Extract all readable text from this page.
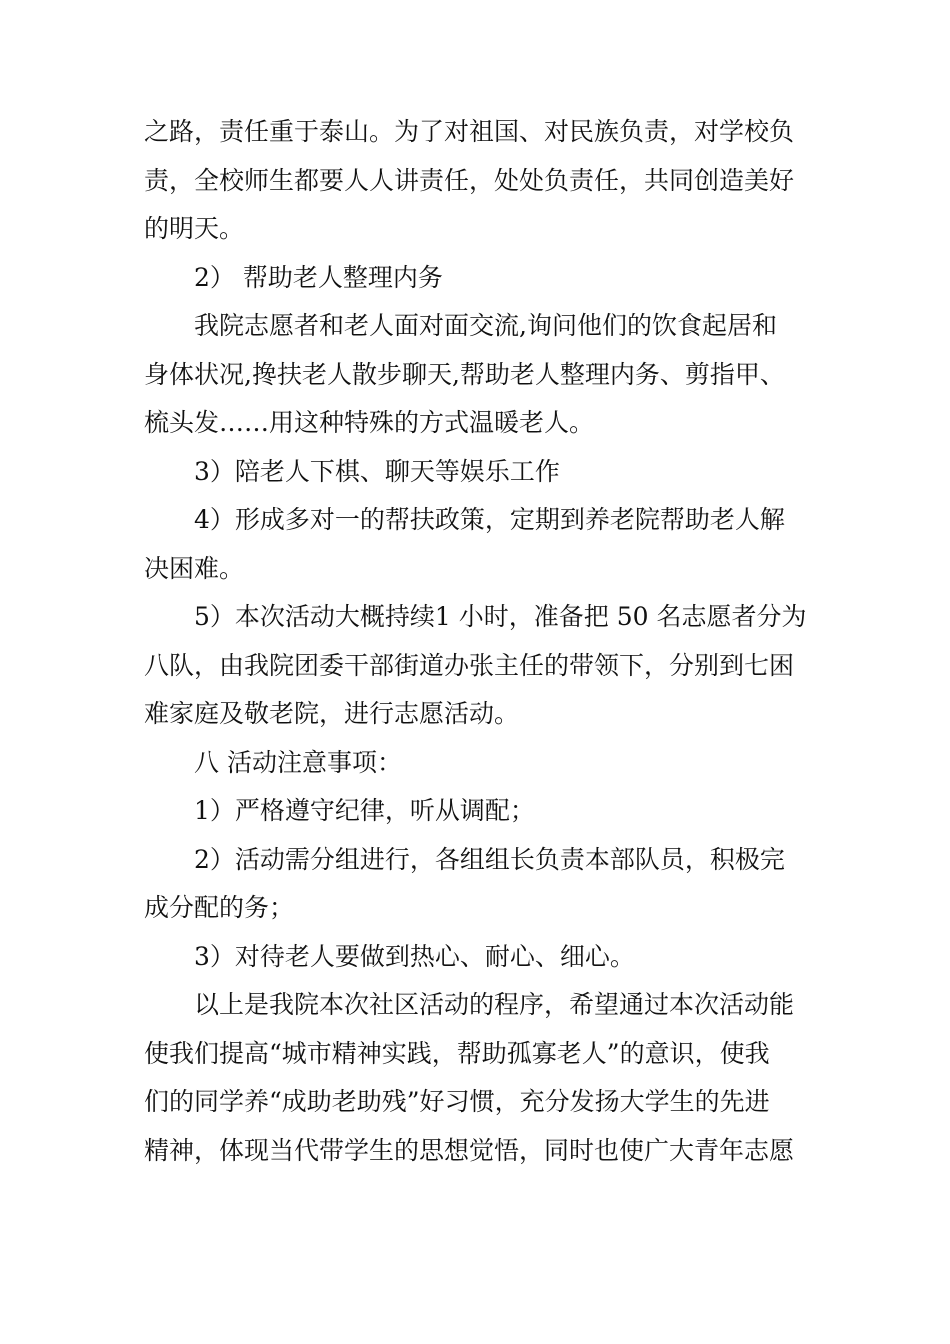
之路，责任重于泰山。为了对祖国、对民族负责，对学校负
责，全校师生都要人人讲责任，处处负责任，共同创造美好
的明天。
2） 帮助老人整理内务
我院志愿者和老人面对面交流,询问他们的饮食起居和
身体状况,搀扶老人散步聊天,帮助老人整理内务、剪指甲、
梳头发……用这种特殊的方式温暖老人。
3）陪老人下棋、聊天等娱乐工作
4）形成多对一的帮扶政策，定期到养老院帮助老人解
决困难。
5）本次活动大概持续1 小时，准备把 50 名志愿者分为
八队，由我院团委干部街道办张主任的带领下，分别到七困
难家庭及敬老院，进行志愿活动。
八 活动注意事项：
1）严格遵守纪律，听从调配；
2）活动需分组进行，各组组长负责本部队员，积极完
成分配的务；
3）对待老人要做到热心、耐心、细心。
以上是我院本次社区活动的程序，希望通过本次活动能
使我们提高“城市精神实践，帮助孤寡老人”的意识，使我
们的同学养“成助老助残”好习惯，充分发扬大学生的先进
精神，体现当代带学生的思想觉悟，同时也使广大青年志愿
